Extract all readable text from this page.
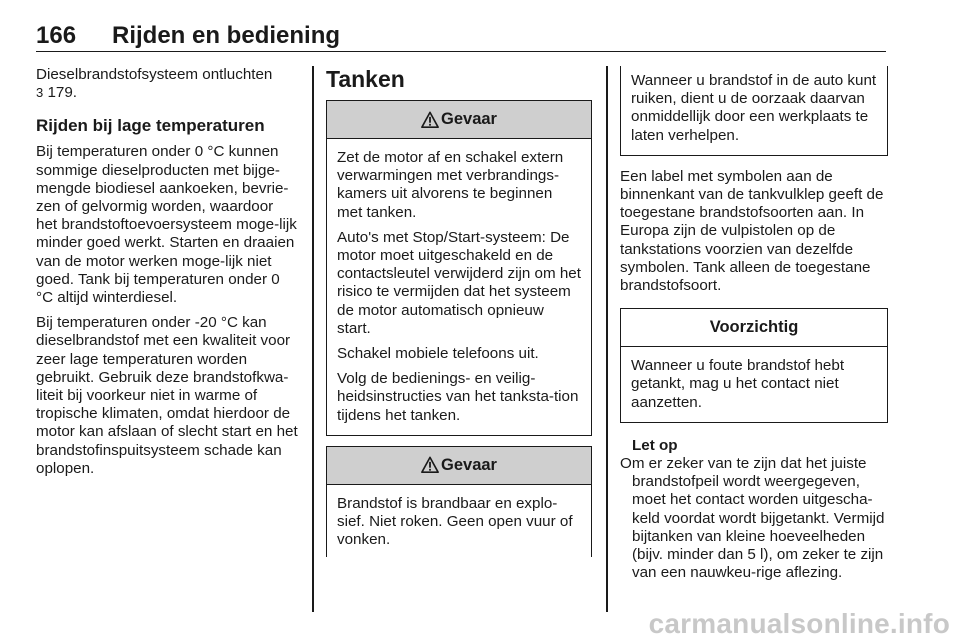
166 Rijden en bediening

Dieselbrandstofsysteem ontluchten
3 179.

Rijden bij lage temperaturen

Bij temperaturen onder 0 °C kunnen sommige dieselproducten met bijge-mengde biodiesel aankoeken, bevrie-zen of gelvormig worden, waardoor het brandstoftoevoersysteem moge-lijk minder goed werkt. Starten en draaien van de motor werken moge-lijk niet goed. Tank bij temperaturen onder 0 °C altijd winterdiesel.

Bij temperaturen onder -20 °C kan dieselbrandstof met een kwaliteit voor zeer lage temperaturen worden gebruikt. Gebruik deze brandstofkwa-liteit bij voorkeur niet in warme of tropische klimaten, omdat hierdoor de motor kan afslaan of slecht start en het brandstofinspuitsysteem schade kan oplopen.

Tanken
Gevaar

Zet de motor af en schakel extern verwarmingen met verbrandings-kamers uit alvorens te beginnen met tanken.

Auto's met Stop/Start-systeem: De motor moet uitgeschakeld en de contactsleutel verwijderd zijn om het risico te vermijden dat het systeem de motor automatisch opnieuw start.

Schakel mobiele telefoons uit.

Volg de bedienings- en veilig-heidsinstructies van het tanksta-tion tijdens het tanken.

Gevaar

Brandstof is brandbaar en explo-sief. Niet roken. Geen open vuur of vonken.

Wanneer u brandstof in de auto kunt ruiken, dient u de oorzaak daarvan onmiddellijk door een werkplaats te laten verhelpen.

Een label met symbolen aan de binnenkant van de tankvulklep geeft de toegestane brandstofsoorten aan. In Europa zijn de vulpistolen op de tankstations voorzien van dezelfde symbolen. Tank alleen de toegestane brandstofsoort.

Voorzichtig

Wanneer u foute brandstof hebt getankt, mag u het contact niet aanzetten.

Let op

Om er zeker van te zijn dat het juiste brandstofpeil wordt weergegeven, moet het contact worden uitgescha-keld voordat wordt bijgetankt. Vermijd bijtanken van kleine hoeveelheden (bijv. minder dan 5 l), om zeker te zijn van een nauwkeu-rige aflezing.

carmanualsonline.info
